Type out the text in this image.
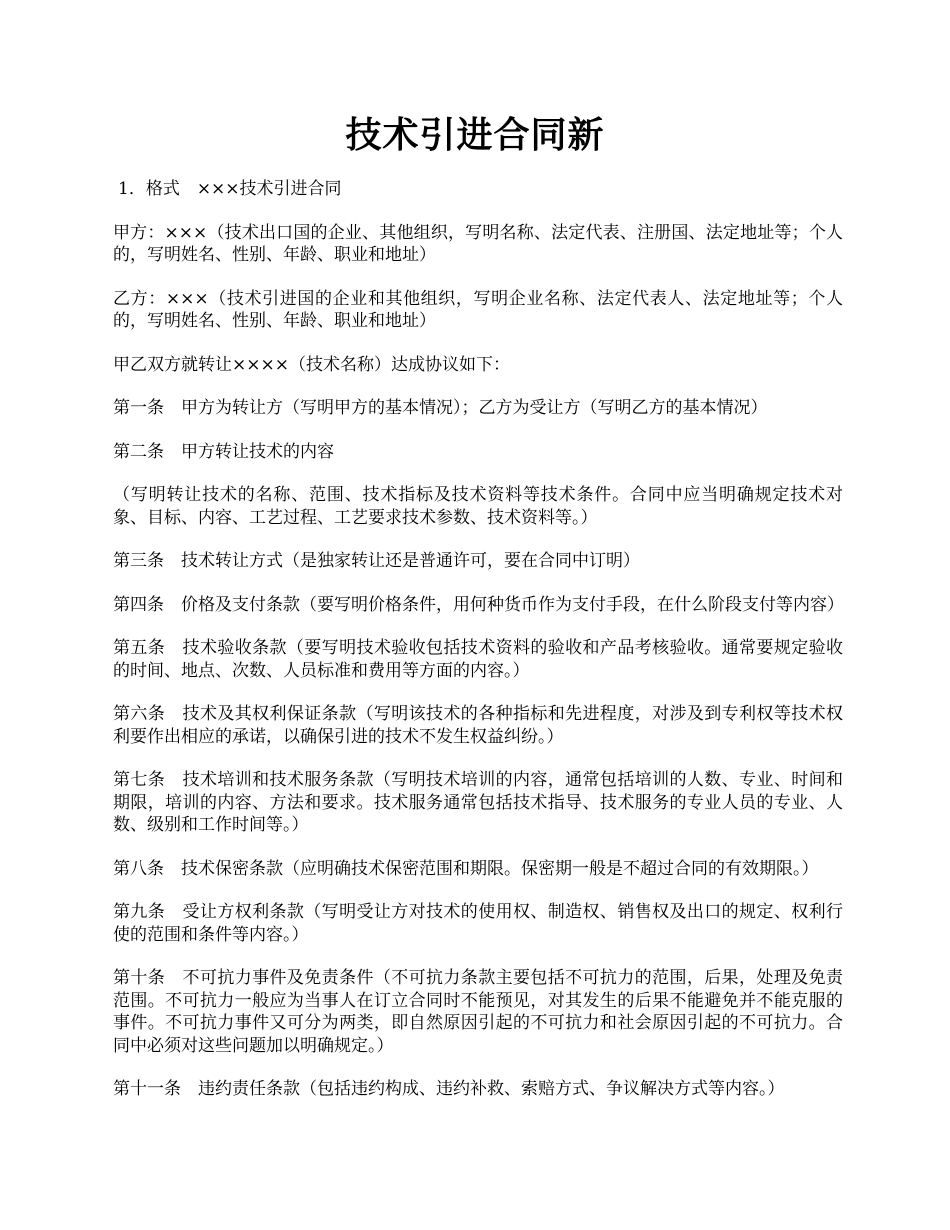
技术引进合同新

1．格式　×××技术引进合同

甲方：×××（技术出口国的企业、其他组织，写明名称、法定代表、注册国、法定地址等；个人的，写明姓名、性别、年龄、职业和地址）

乙方：×××（技术引进国的企业和其他组织，写明企业名称、法定代表人、法定地址等；个人的，写明姓名、性别、年龄、职业和地址）

甲乙双方就转让××××（技术名称）达成协议如下：

第一条　甲方为转让方（写明甲方的基本情况）；乙方为受让方（写明乙方的基本情况）

第二条　甲方转让技术的内容

（写明转让技术的名称、范围、技术指标及技术资料等技术条件。合同中应当明确规定技术对象、目标、内容、工艺过程、工艺要求技术参数、技术资料等。）

第三条　技术转让方式（是独家转让还是普通许可，要在合同中订明）

第四条　价格及支付条款（要写明价格条件，用何种货币作为支付手段，在什么阶段支付等内容）

第五条　技术验收条款（要写明技术验收包括技术资料的验收和产品考核验收。通常要规定验收的时间、地点、次数、人员标准和费用等方面的内容。）

第六条　技术及其权利保证条款（写明该技术的各种指标和先进程度，对涉及到专利权等技术权利要作出相应的承诺，以确保引进的技术不发生权益纠纷。）

第七条　技术培训和技术服务条款（写明技术培训的内容，通常包括培训的人数、专业、时间和期限，培训的内容、方法和要求。技术服务通常包括技术指导、技术服务的专业人员的专业、人数、级别和工作时间等。）

第八条　技术保密条款（应明确技术保密范围和期限。保密期一般是不超过合同的有效期限。）

第九条　受让方权利条款（写明受让方对技术的使用权、制造权、销售权及出口的规定、权利行使的范围和条件等内容。）

第十条　不可抗力事件及免责条件（不可抗力条款主要包括不可抗力的范围，后果，处理及免责范围。不可抗力一般应为当事人在订立合同时不能预见，对其发生的后果不能避免并不能克服的事件。不可抗力事件又可分为两类，即自然原因引起的不可抗力和社会原因引起的不可抗力。合同中必须对这些问题加以明确规定。）

第十一条　违约责任条款（包括违约构成、违约补救、索赔方式、争议解决方式等内容。）
